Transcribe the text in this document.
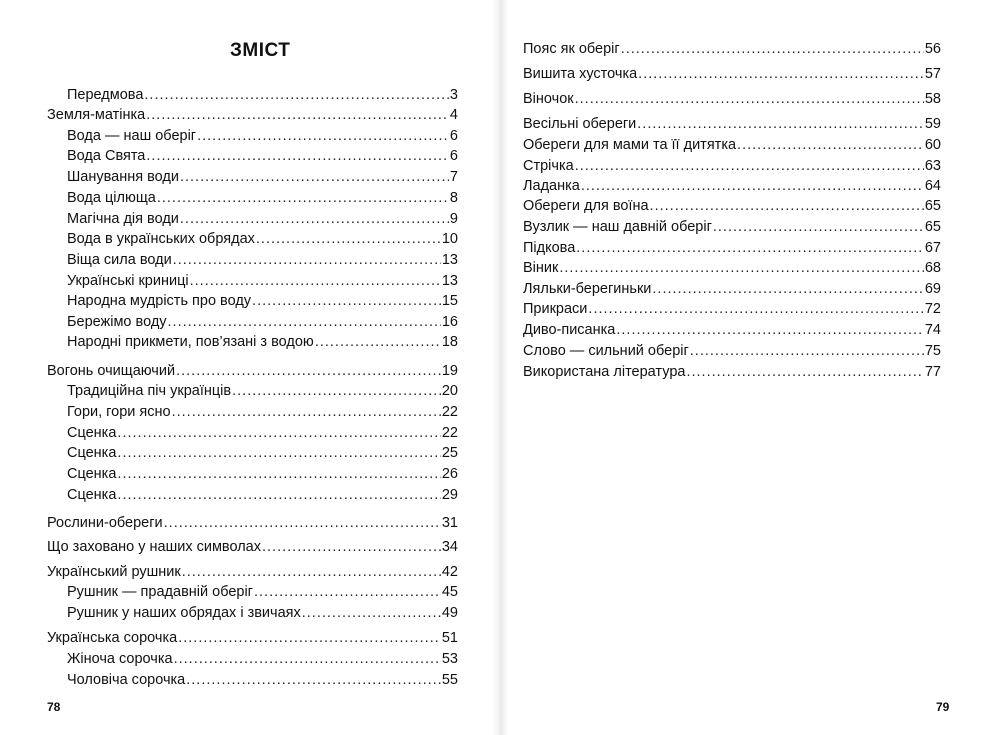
ЗМІСТ
Передмова .....	3
Земля-матінка .....	4
Вода — наш оберіг .....	6
Вода Свята .....	6
Шанування води .....	7
Вода цілюща .....	8
Магічна дія води .....	9
Вода в українських обрядах .....	10
Віща сила води .....	13
Українські криниці .....	13
Народна мудрість про воду .....	15
Бережімо воду .....	16
Народні прикмети, пов’язані з водою .....	18
Вогонь очищаючий .....	19
Традиційна піч українців .....	20
Гори, гори ясно .....	22
Сценка .....	22
Сценка .....	25
Сценка .....	26
Сценка .....	29
Рослини-обереги .....	31
Що заховано у наших символах .....	34
Український рушник .....	42
Рушник — прадавній оберіг .....	45
Рушник у наших обрядах і звичаях .....	49
Українська сорочка .....	51
Жіноча сорочка .....	53
Чоловіча сорочка .....	55
78
Пояс як оберіг .....	56
Вишита хусточка .....	57
Віночок .....	58
Весільні обереги .....	59
Обереги для мами та її дитятка .....	60
Стрічка .....	63
Ладанка .....	64
Обереги для воїна .....	65
Вузлик — наш давній оберіг .....	65
Підкова .....	67
Віник .....	68
Ляльки-берегиньки .....	69
Прикраси .....	72
Диво-писанка .....	74
Слово — сильний оберіг .....	75
Використана література .....	77
79
